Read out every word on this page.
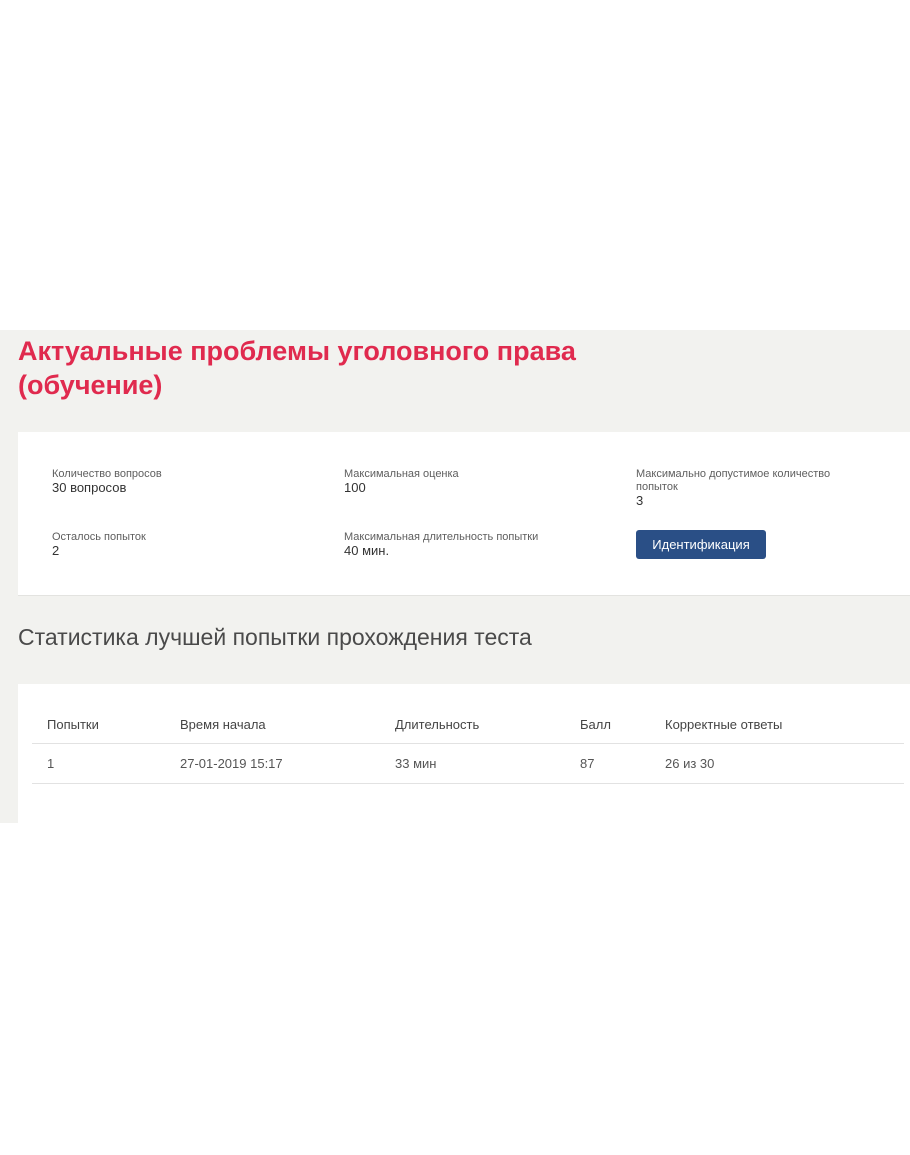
Актуальные проблемы уголовного права (обучение)
Количество вопросов
30 вопросов
Максимальная оценка
100
Максимально допустимое количество попыток
3
Осталось попыток
2
Максимальная длительность попытки
40 мин.	Идентификация
Статистика лучшей попытки прохождения теста
Попытки	Время начала	Длительность	Балл	Корректные ответы
1	27-01-2019 15:17	33 мин	87	26 из 30
